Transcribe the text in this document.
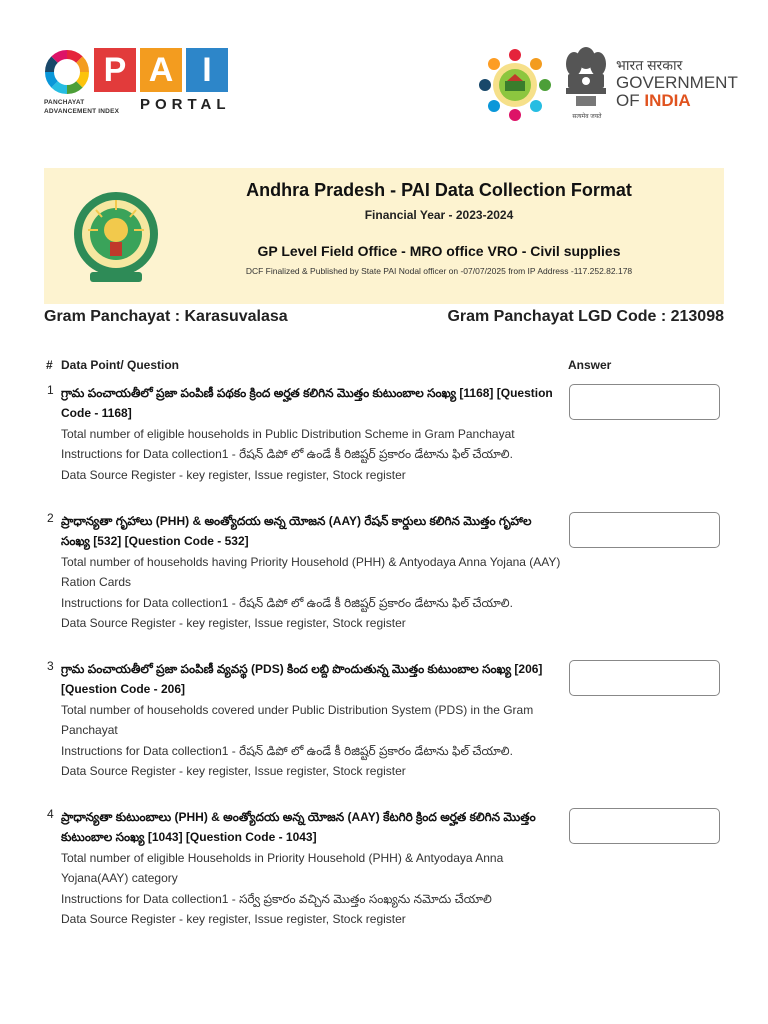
P A I
PANCHAYAT
ADVANCEMENT INDEX PORTAL
सत्यमेव जयते
भारत सरकार
GOVERNMENT
OF INDIA
Andhra Pradesh - PAI Data Collection Format
Financial Year - 2023-2024
GP Level Field Office - MRO office VRO - Civil supplies
DCF Finalized & Published by State PAI Nodal officer on -07/07/2025 from IP Address -117.252.82.178
Gram Panchayat : Karasuvalasa	Gram Panchayat LGD Code : 213098
# Data Point/ Question	Answer
1 గ్రామ పంచాయతీలో ప్రజా పంపిణీ పథకం క్రింద అర్హత కలిగిన మొత్తం కుటుంబాల సంఖ్య [1168] [Question Code - 1168]
Total number of eligible households in Public Distribution Scheme in Gram Panchayat
Instructions for Data collection1 - రేషన్ డిపో లో ఉండే కీ రిజిష్టర్ ప్రకారం డేటాను ఫిల్ చేయాలి.
Data Source Register - key register, Issue register, Stock register
2 ప్రాధాన్యతా గృహాలు (PHH) & అంత్యోదయ అన్న యోజన (AAY) రేషన్ కార్డులు కలిగిన మొత్తం గృహాల సంఖ్య [532] [Question Code - 532]
Total number of households having Priority Household (PHH) & Antyodaya Anna Yojana (AAY) Ration Cards
Instructions for Data collection1 - రేషన్ డిపో లో ఉండే కీ రిజిష్టర్ ప్రకారం డేటాను ఫిల్ చేయాలి.
Data Source Register - key register, Issue register, Stock register
3 గ్రామ పంచాయతీలో ప్రజా పంపిణీ వ్యవస్థ (PDS) కింద లబ్ది పొందుతున్న మొత్తం కుటుంబాల సంఖ్య [206] [Question Code - 206]
Total number of households covered under Public Distribution System (PDS) in the Gram Panchayat
Instructions for Data collection1 - రేషన్ డిపో లో ఉండే కీ రిజిష్టర్ ప్రకారం డేటాను ఫిల్ చేయాలి.
Data Source Register - key register, Issue register, Stock register
4 ప్రాధాన్యతా కుటుంబాలు (PHH) & అంత్యోదయ అన్న యోజన (AAY) కేటగిరి క్రింద అర్హత కలిగిన మొత్తం కుటుంబాల సంఖ్య [1043] [Question Code - 1043]
Total number of eligible Households in Priority Household (PHH) & Antyodaya Anna Yojana(AAY) category
Instructions for Data collection1 - సర్వే ప్రకారం వచ్చిన మొత్తం సంఖ్యను నమోదు చేయాలి
Data Source Register - key register, Issue register, Stock register
